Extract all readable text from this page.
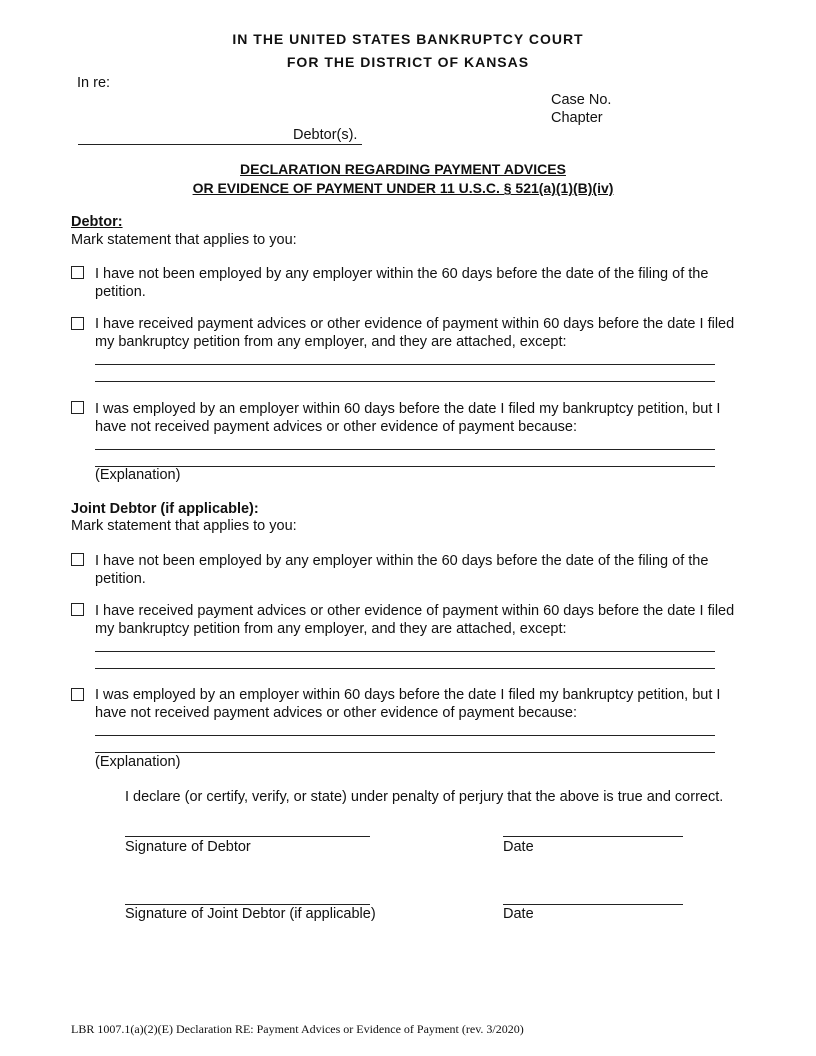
IN THE UNITED STATES BANKRUPTCY COURT
FOR THE DISTRICT OF KANSAS
In re:
Case No.
Chapter
Debtor(s).
DECLARATION REGARDING PAYMENT ADVICES
OR EVIDENCE OF PAYMENT UNDER 11 U.S.C. § 521(a)(1)(B)(iv)
Debtor:
Mark statement that applies to you:
I have not been employed by any employer within the 60 days before the date of the filing of the petition.
I have received payment advices or other evidence of payment within 60 days before the date I filed my bankruptcy petition from any employer, and they are attached, except:
I was employed by an employer within 60 days before the date I filed my bankruptcy petition, but I have not received payment advices or other evidence of payment because:
(Explanation)
Joint Debtor (if applicable):
Mark statement that applies to you:
I have not been employed by any employer within the 60 days before the date of the filing of the petition.
I have received payment advices or other evidence of payment within 60 days before the date I filed my bankruptcy petition from any employer, and they are attached, except:
I was employed by an employer within 60 days before the date I filed my bankruptcy petition, but I have not received payment advices or other evidence of payment because:
(Explanation)
I declare (or certify, verify, or state) under penalty of perjury that the above is true and correct.
Signature of Debtor	Date
Signature of Joint Debtor (if applicable)	Date
LBR 1007.1(a)(2)(E) Declaration RE: Payment Advices or Evidence of Payment (rev. 3/2020)
